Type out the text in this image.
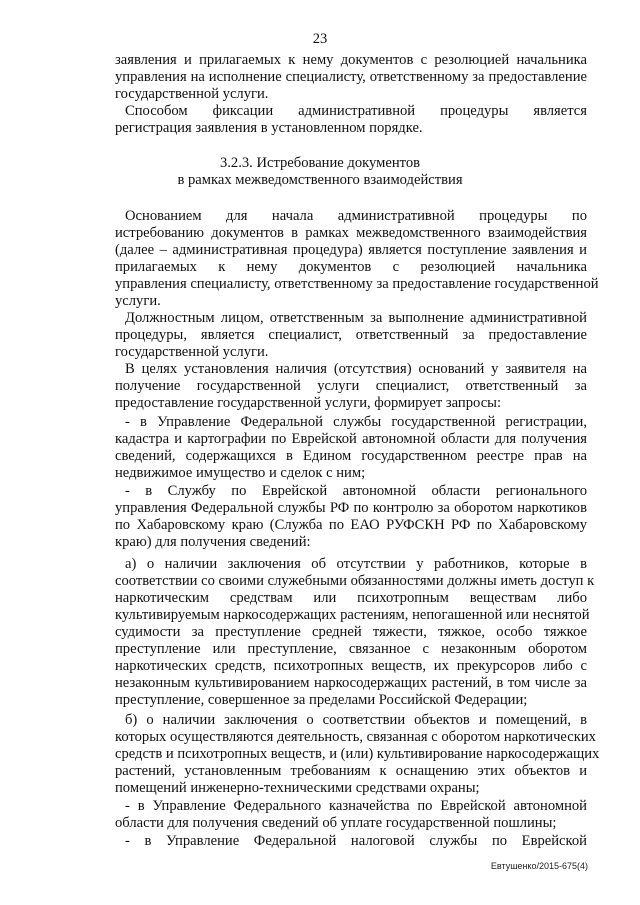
23
заявления и прилагаемых к нему документов с резолюцией начальника
управления на исполнение специалисту, ответственному за предоставление
государственной услуги.
Способом фиксации административной процедуры является
регистрация заявления в установленном порядке.
3.2.3. Истребование документов
в рамках межведомственного взаимодействия
Основанием для начала административной процедуры по
истребованию документов в рамках межведомственного взаимодействия
(далее – административная процедура) является поступление заявления и
прилагаемых к нему документов с резолюцией начальника
управления специалисту, ответственному за предоставление государственной
услуги.
Должностным лицом, ответственным за выполнение административной
процедуры, является специалист, ответственный за предоставление
государственной услуги.
В целях установления наличия (отсутствия) оснований у заявителя на
получение государственной услуги специалист, ответственный за
предоставление государственной услуги, формирует запросы:
- в Управление Федеральной службы государственной регистрации,
кадастра и картографии по Еврейской автономной области для получения
сведений, содержащихся в Едином государственном реестре прав на
недвижимое имущество и сделок с ним;
- в Службу по Еврейской автономной области регионального
управления Федеральной службы РФ по контролю за оборотом наркотиков
по Хабаровскому краю (Служба по ЕАО РУФСКН РФ по Хабаровскому
краю) для получения сведений:
а) о наличии заключения об отсутствии у работников, которые в
соответствии со своими служебными обязанностями должны иметь доступ к
наркотическим средствам или психотропным веществам либо
культивируемым наркосодержащих растениям, непогашенной или неснятой
судимости за преступление средней тяжести, тяжкое, особо тяжкое
преступление или преступление, связанное с незаконным оборотом
наркотических средств, психотропных веществ, их прекурсоров либо с
незаконным культивированием наркосодержащих растений, в том числе за
преступление, совершенное за пределами Российской Федерации;
б) о наличии заключения о соответствии объектов и помещений, в
которых осуществляются деятельность, связанная с оборотом наркотических
средств и психотропных веществ, и (или) культивирование наркосодержащих
растений, установленным требованиям к оснащению этих объектов и
помещений инженерно-техническими средствами охраны;
- в Управление Федерального казначейства по Еврейской автономной
области для получения сведений об уплате государственной пошлины;
- в Управление Федеральной налоговой службы по Еврейской
Евтушенко/2015-675(4)
